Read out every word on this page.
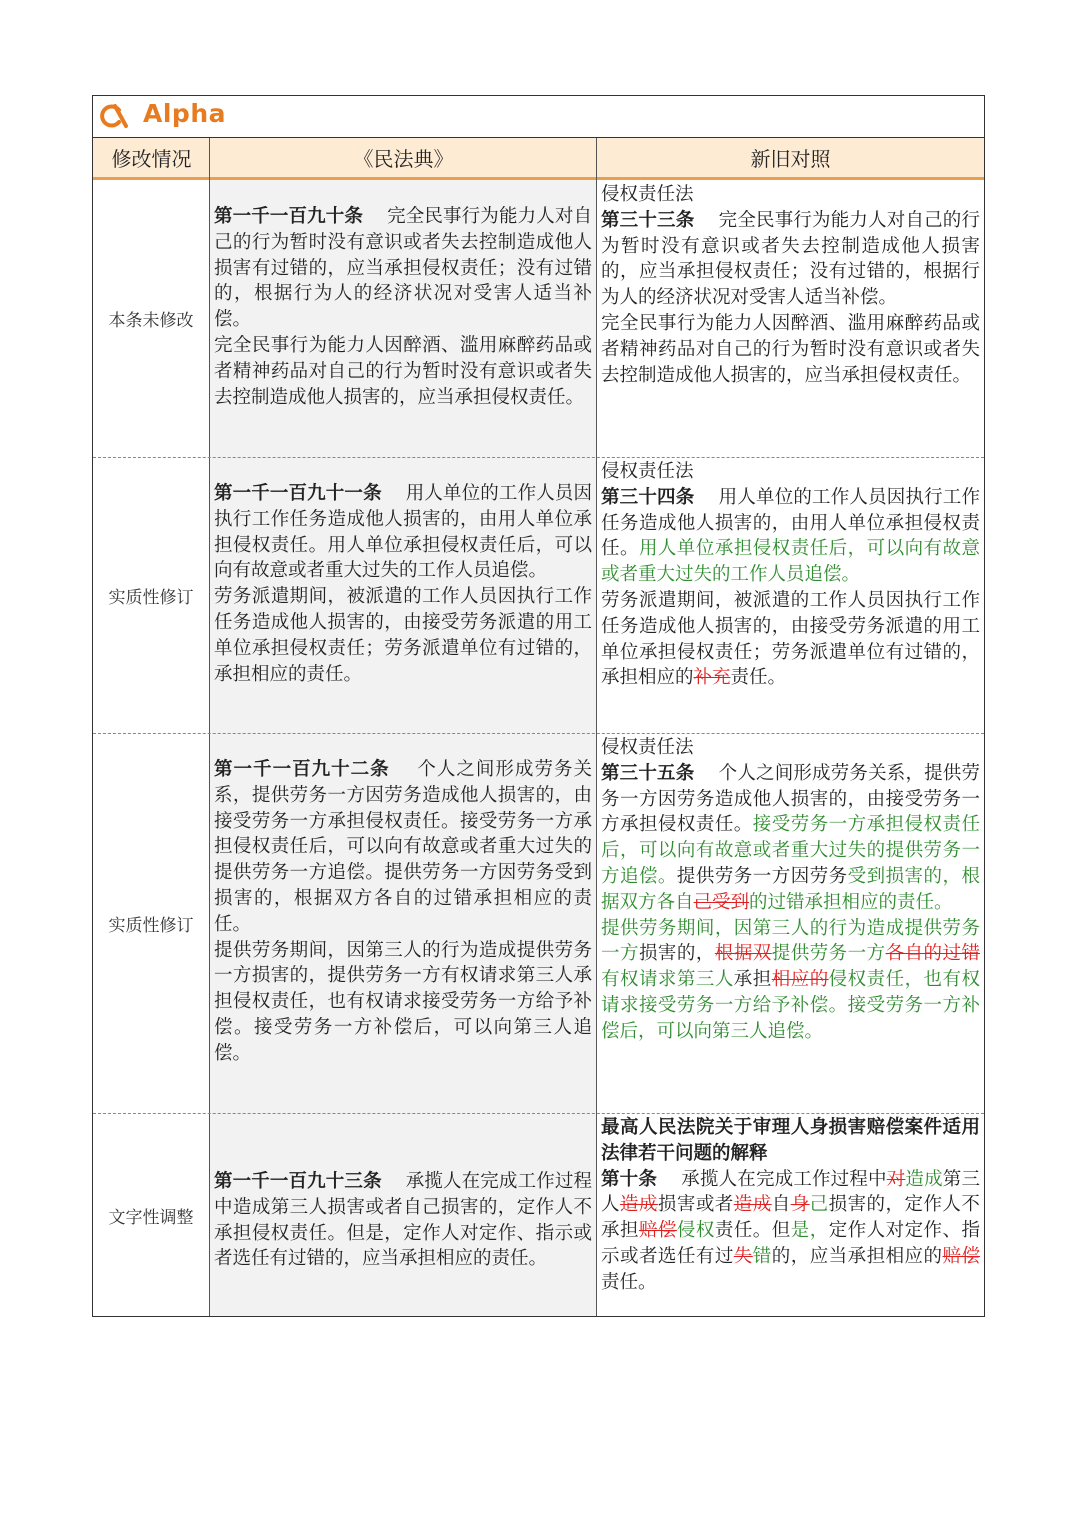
Alpha
修改情况	《民法典》	新旧对照
本条未修改

第一千一百九十条 完全民事行为能力人对自己的行为暂时没有意识或者失去控制造成他人损害有过错的，应当承担侵权责任；没有过错的，根据行为人的经济状况对受害人适当补偿。

完全民事行为能力人因醉酒、滥用麻醉药品或者精神药品对自己的行为暂时没有意识或者失去控制造成他人损害的，应当承担侵权责任。

侵权责任法

第三十三条 完全民事行为能力人对自己的行为暂时没有意识或者失去控制造成他人损害的，应当承担侵权责任；没有过错的，根据行为人的经济状况对受害人适当补偿。

完全民事行为能力人因醉酒、滥用麻醉药品或者精神药品对自己的行为暂时没有意识或者失去控制造成他人损害的，应当承担侵权责任。

实质性修订

第一千一百九十一条 用人单位的工作人员因执行工作任务造成他人损害的，由用人单位承担侵权责任。用人单位承担侵权责任后，可以向有故意或者重大过失的工作人员追偿。

劳务派遣期间，被派遣的工作人员因执行工作任务造成他人损害的，由接受劳务派遣的用工单位承担侵权责任；劳务派遣单位有过错的，承担相应的责任。

侵权责任法

第三十四条 用人单位的工作人员因执行工作任务造成他人损害的，由用人单位承担侵权责任。用人单位承担侵权责任后，可以向有故意或者重大过失的工作人员追偿。

劳务派遣期间，被派遣的工作人员因执行工作任务造成他人损害的，由接受劳务派遣的用工单位承担侵权责任；劳务派遣单位有过错的，承担相应的补充责任。

实质性修订

第一千一百九十二条 个人之间形成劳务关系，提供劳务一方因劳务造成他人损害的，由接受劳务一方承担侵权责任。接受劳务一方承担侵权责任后，可以向有故意或者重大过失的提供劳务一方追偿。提供劳务一方因劳务受到损害的，根据双方各自的过错承担相应的责任。

提供劳务期间，因第三人的行为造成提供劳务一方损害的，提供劳务一方有权请求第三人承担侵权责任，也有权请求接受劳务一方给予补偿。接受劳务一方补偿后，可以向第三人追偿。

侵权责任法

第三十五条 个人之间形成劳务关系，提供劳务一方因劳务造成他人损害的，由接受劳务一方承担侵权责任。接受劳务一方承担侵权责任后，可以向有故意或者重大过失的提供劳务一方追偿。提供劳务一方因劳务受到损害的，根据双方各自己受到的过错承担相应的责任。

提供劳务期间，因第三人的行为造成提供劳务一方损害的，根据双提供劳务一方各自的过错有权请求第三人承担相应的侵权责任，也有权请求接受劳务一方给予补偿。接受劳务一方补偿后，可以向第三人追偿。

文字性调整

第一千一百九十三条 承揽人在完成工作过程中造成第三人损害或者自己损害的，定作人不承担侵权责任。但是，定作人对定作、指示或者选任有过错的，应当承担相应的责任。

最高人民法院关于审理人身损害赔偿案件适用法律若干问题的解释

第十条 承揽人在完成工作过程中对造成第三人造成损害或者造成自身己损害的，定作人不承担赔偿侵权责任。但是，定作人对定作、指示或者选任有过失错的，应当承担相应的赔偿责任。
